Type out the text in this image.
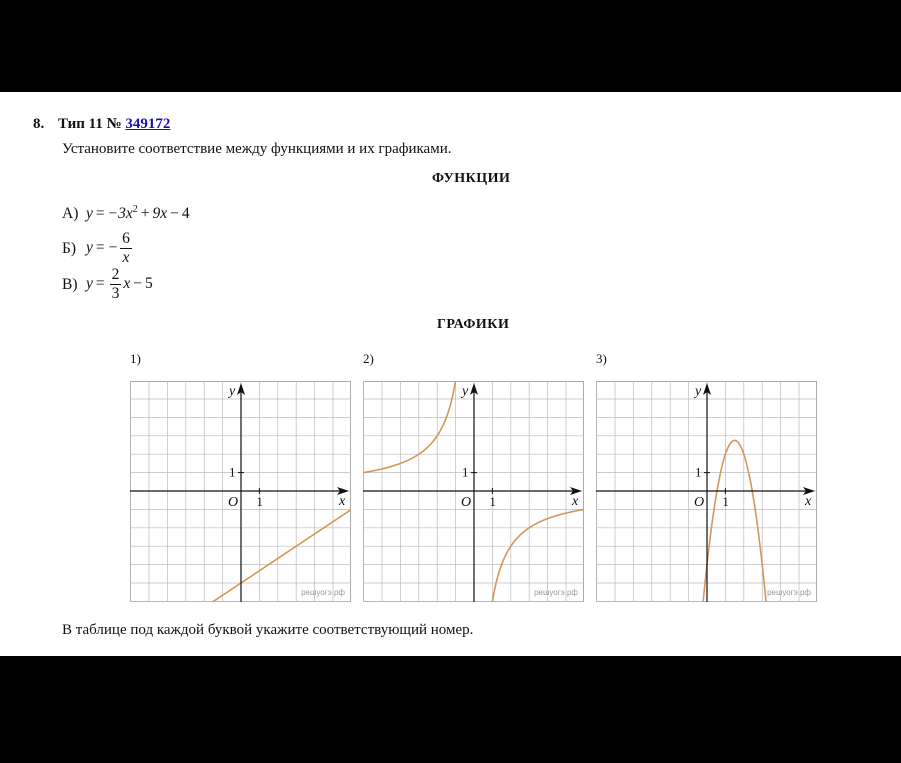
8. Тип 11 № 349172
Установите соответствие между функциями и их графиками.
ФУНКЦИИ
А) $y = -3x^2 + 9x - 4$
Б) y = − $\frac{6}{x}$
В) $y = \frac{2}{3}$ x − 5
ГРАФИКИ
1)	2)	3)
решуогэ.рф
x
y
O 1
1
решуогэ.рф
x
y
O 1
1
решуогэ.рф
x
y
O 1
1
В таблице под каждой буквой укажите соответствующий номер.
